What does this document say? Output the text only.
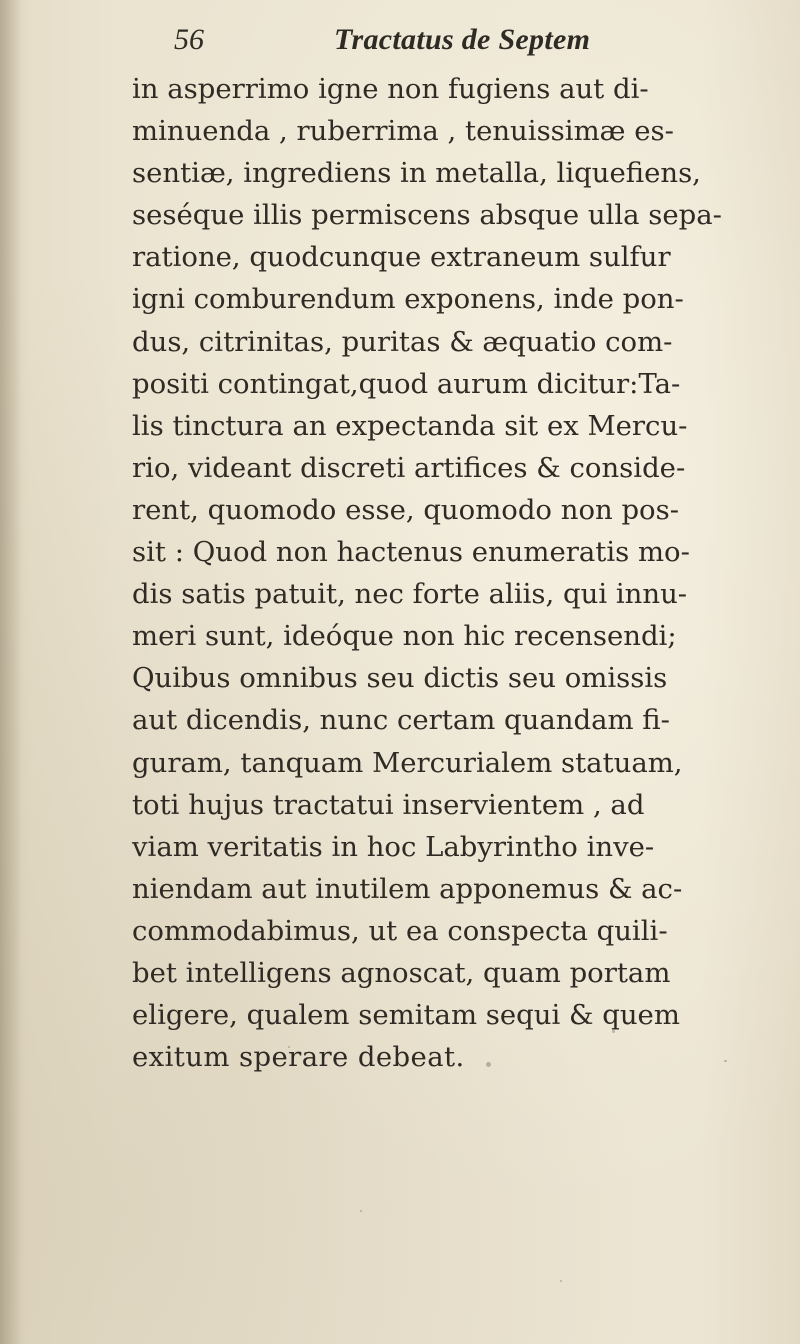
56	Tractatus de Septem
in asperrimo igne non fugiens aut di-
minuenda , ruberrima , tenuissimæ es-
sentiæ, ingrediens in metalla, liquefiens,
seséque illis permiscens absque ulla sepa-
ratione, quodcunque extraneum sulfur
igni comburendum exponens, inde pon-
dus, citrinitas, puritas & æquatio com-
positi contingat,quod aurum dicitur:Ta-
lis tinctura an expectanda sit ex Mercu-
rio, videant discreti artifices & conside-
rent, quomodo esse, quomodo non pos-
sit : Quod non hactenus enumeratis mo-
dis satis patuit, nec forte aliis, qui innu-
meri sunt, ideóque non hic recensendi;
Quibus omnibus seu dictis seu omissis
aut dicendis, nunc certam quandam fi-
guram, tanquam Mercurialem statuam,
toti hujus tractatui inservientem , ad
viam veritatis in hoc Labyrintho inve-
niendam aut inutilem apponemus & ac-
commodabimus, ut ea conspecta quili-
bet intelligens agnoscat, quam portam
eligere, qualem semitam sequi & quem
exitum sperare debeat.
